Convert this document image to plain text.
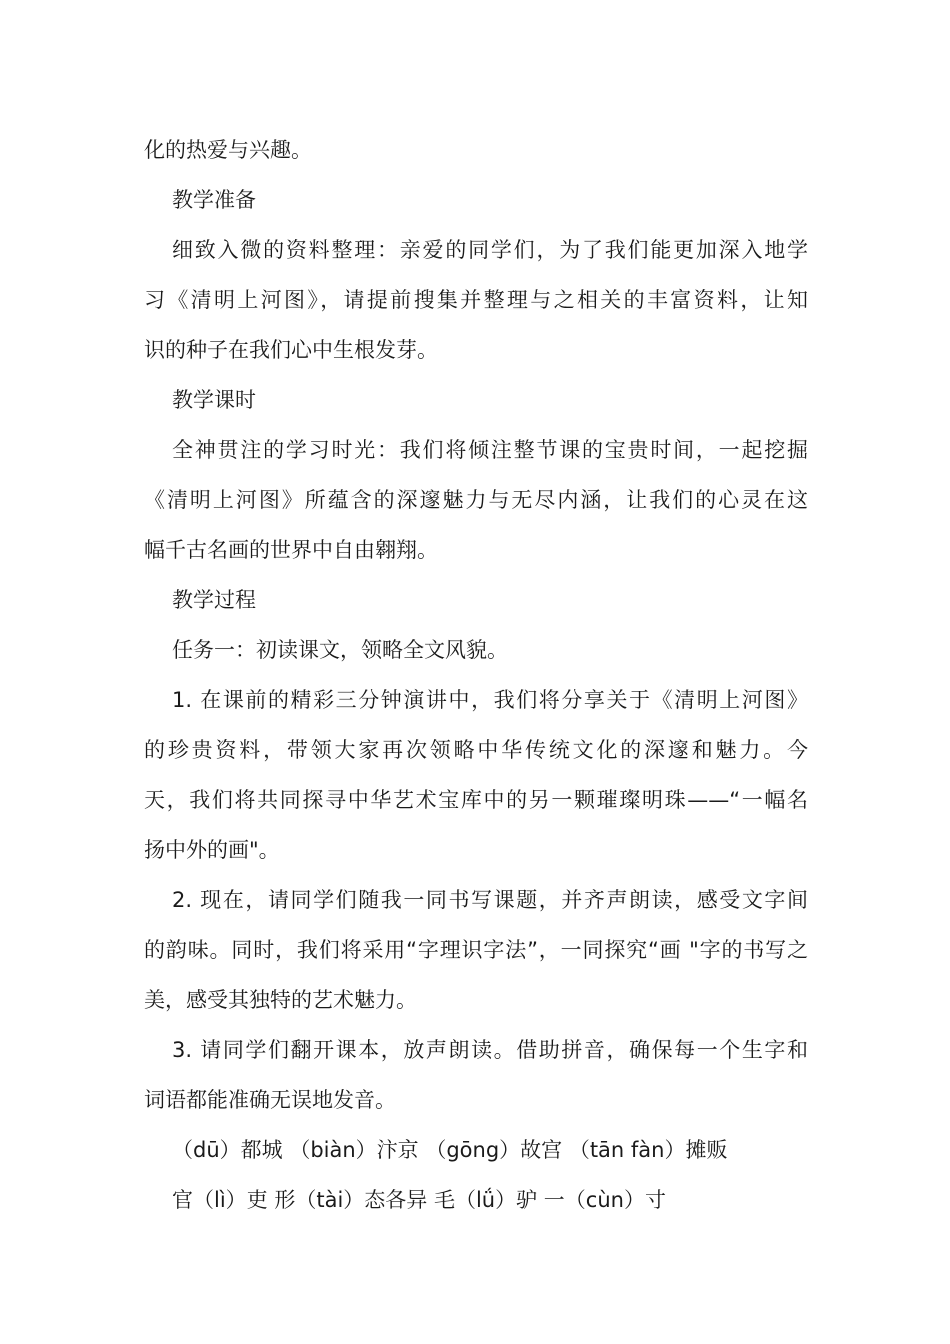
化的热爱与兴趣。
教学准备
细致入微的资料整理：亲爱的同学们，为了我们能更加深入地学
习《清明上河图》，请提前搜集并整理与之相关的丰富资料，让知
识的种子在我们心中生根发芽。
教学课时
全神贯注的学习时光：我们将倾注整节课的宝贵时间，一起挖掘
《清明上河图》所蕴含的深邃魅力与无尽内涵，让我们的心灵在这
幅千古名画的世界中自由翱翔。
教学过程
任务一：初读课文，领略全文风貌。
1. 在课前的精彩三分钟演讲中，我们将分享关于《清明上河图》
的珍贵资料，带领大家再次领略中华传统文化的深邃和魅力。今
天，我们将共同探寻中华艺术宝库中的另一颗璀璨明珠——“一幅名
扬中外的画"。
2. 现在，请同学们随我一同书写课题，并齐声朗读，感受文字间
的韵味。同时，我们将采用“字理识字法”，一同探究“画 "字的书写之
美，感受其独特的艺术魅力。
3. 请同学们翻开课本，放声朗读。借助拼音，确保每一个生字和
词语都能准确无误地发音。
（dū）都城 （biàn）汴京 （gōng）故宫 （tān fàn）摊贩
官（lì）吏 形（tài）态各异 毛（lǘ）驴 一（cùn）寸
